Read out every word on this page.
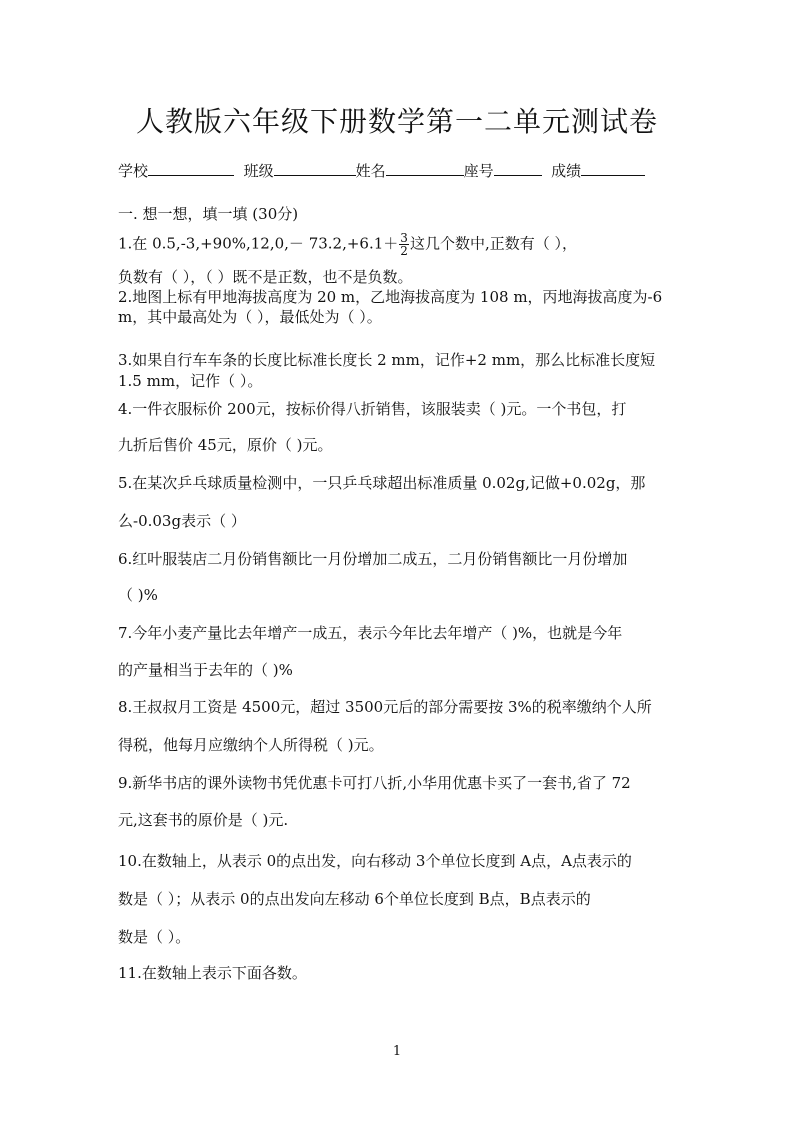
人教版六年级下册数学第一二单元测试卷
学校	班级	姓名	座号	成绩
一. 想一想，填一填 (30分)
1.在 $0.5,-3,+90\%,12,0,- 73.2,+6.1+ \frac{3}{2}$ 这几个数中,正数有（ ），
负数有（ ），（ ）既不是正数，也不是负数。
2.地图上标有甲地海拔高度为 20 m，乙地海拔高度为 108 m，丙地海拔高度为-6
m，其中最高处为（ ），最低处为（ ）。
3.如果自行车车条的长度比标准长度长 2 mm，记作+2 mm，那么比标准长度短
1.5 mm，记作（ ）。
4.一件衣服标价 200元，按标价得八折销售，该服装卖（ )元。一个书包，打
九折后售价 45元，原价（ )元。
5.在某次乒乓球质量检测中，一只乒乓球超出标准质量 0.02g,记做+0.02g，那
么-0.03g表示（ ）
6.红叶服装店二月份销售额比一月份增加二成五，二月份销售额比一月份增加
（ )%
7.今年小麦产量比去年增产一成五，表示今年比去年增产（ )%，也就是今年
的产量相当于去年的（ )%
8.王叔叔月工资是 4500元，超过 3500元后的部分需要按 3%的税率缴纳个人所
得税，他每月应缴纳个人所得税（ )元。
9.新华书店的课外读物书凭优惠卡可打八折,小华用优惠卡买了一套书,省了 72
元,这套书的原价是（ )元.
10.在数轴上，从表示 0的点出发，向右移动 3个单位长度到 A点，A点表示的
数是（ ）；从表示 0的点出发向左移动 6个单位长度到 B点，B点表示的
数是（ ）。
11.在数轴上表示下面各数。
1
